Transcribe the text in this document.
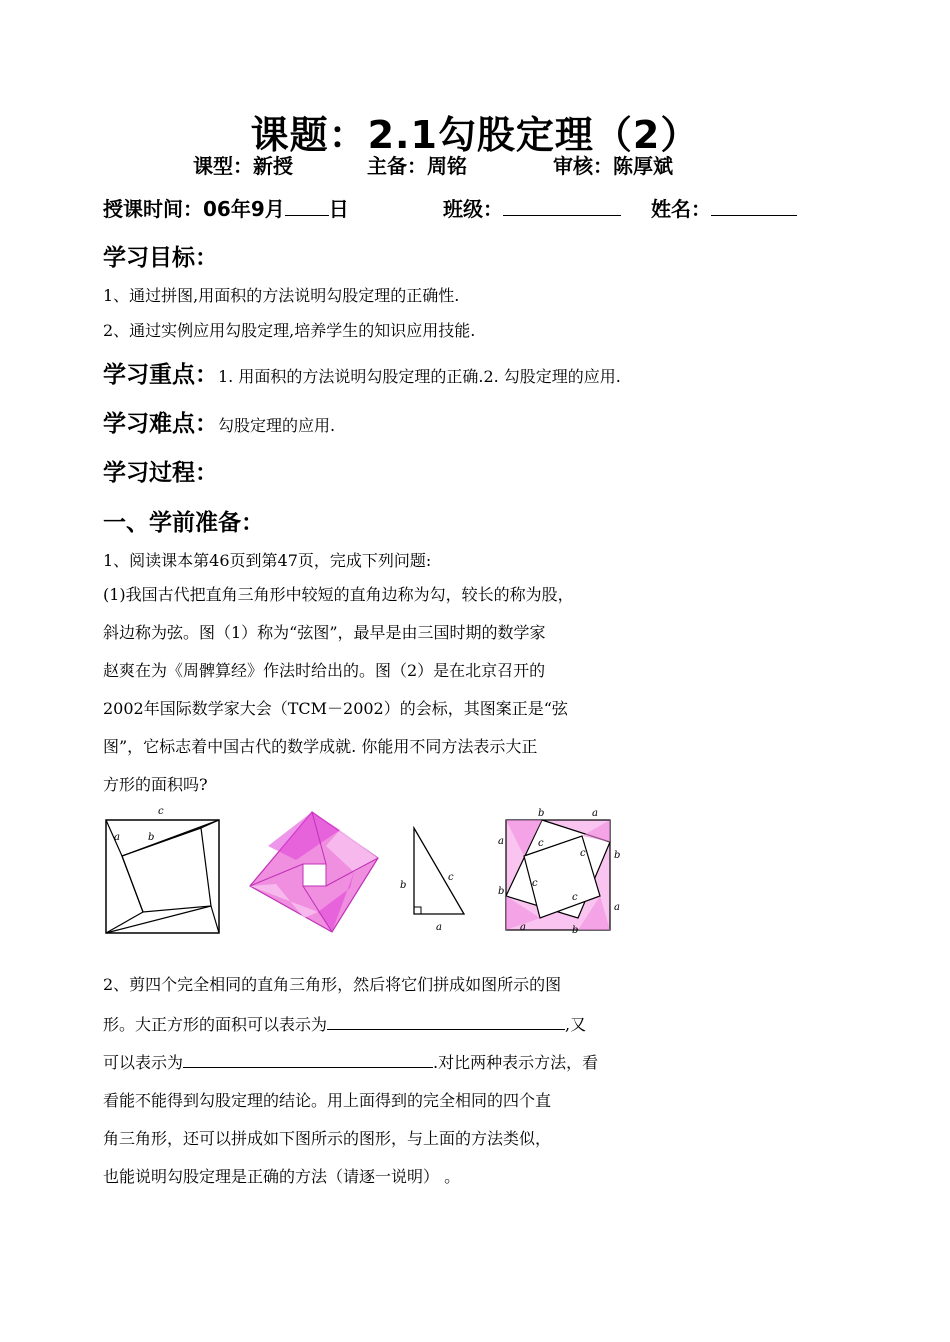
课题：2.1勾股定理（2）
课型：新授	主备：周铭	审核：陈厚斌
授课时间：06年9月 日	班级：	姓名：
学习目标：
1、通过拼图,用面积的方法说明勾股定理的正确性.
2、通过实例应用勾股定理,培养学生的知识应用技能.
学习重点：1. 用面积的方法说明勾股定理的正确.2. 勾股定理的应用.
学习难点：勾股定理的应用.
学习过程：
一、学前准备：
1、阅读课本第46页到第47页，完成下列问题:
(1)我国古代把直角三角形中较短的直角边称为勾，较长的称为股，
斜边称为弦。图（1）称为“弦图”，最早是由三国时期的数学家
赵爽在为《周髀算经》作法时给出的。图（2）是在北京召开的
2002年国际数学家大会（TCM－2002）的会标，其图案正是“弦
图”，它标志着中国古代的数学成就. 你能用不同方法表示大正
方形的面积吗?
c
a	b
b
c
a
b	a
a
b
b
a
a	b
c
c
c
c
2、剪四个完全相同的直角三角形，然后将它们拼成如图所示的图
形。大正方形的面积可以表示为	,又
可以表示为	.对比两种表示方法，看
看能不能得到勾股定理的结论。用上面得到的完全相同的四个直
角三角形，还可以拼成如下图所示的图形，与上面的方法类似，
也能说明勾股定理是正确的方法（请逐一说明） 。
